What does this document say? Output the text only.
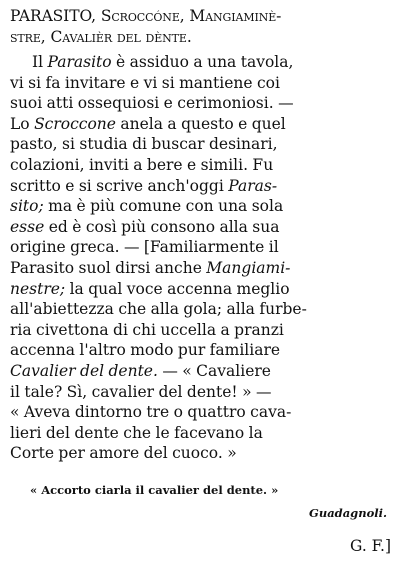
PARASITO, Scroccóne, Mangiaminè-
stre, Cavalièr del dènte.
Il Parasito è assiduo a una tavola,
vi si fa invitare e vi si mantiene coi
suoi atti ossequiosi e cerimoniosi. —
Lo Scroccone anela a questo e quel
pasto, si studia di buscar desinari,
colazioni, inviti a bere e simili. Fu
scritto e si scrive anch'oggi Paras-
sito; ma è più comune con una sola
esse ed è così più consono alla sua
origine greca. — [Familiarmente il
Parasito suol dirsi anche Mangiami-
nestre; la qual voce accenna meglio
all'abiettezza che alla gola; alla furbe-
ria civettona di chi uccella a pranzi
accenna l'altro modo pur familiare
Cavalier del dente. — « Cavaliere
il tale? Sì, cavalier del dente! » —
« Aveva dintorno tre o quattro cava-
lieri del dente che le facevano la
Corte per amore del cuoco. »
« Accorto ciarla il cavalier del dente. »
Guadagnoli.
G. F.]
